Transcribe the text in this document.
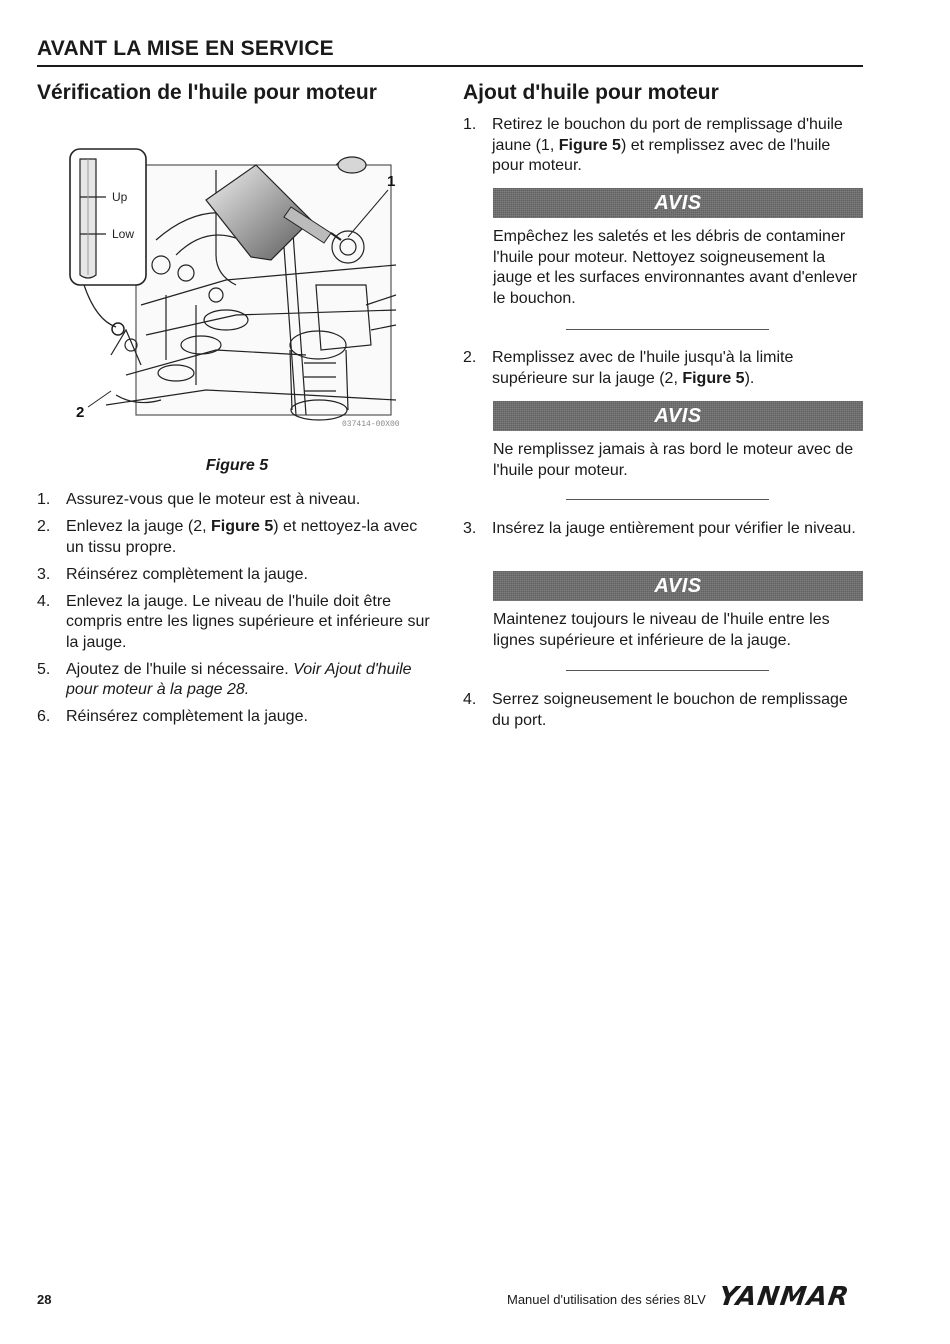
AVANT LA MISE EN SERVICE
Vérification de l'huile pour moteur
Up
Low
1
2
037414-00X00
Figure 5
1. Assurez-vous que le moteur est à niveau.
2. Enlevez la jauge (2, Figure 5) et nettoyez-la avec un tissu propre.
3. Réinsérez complètement la jauge.
4. Enlevez la jauge. Le niveau de l'huile doit être compris entre les lignes supérieure et inférieure sur la jauge.
5. Ajoutez de l'huile si nécessaire. Voir Ajout d'huile pour moteur à la page 28.
6. Réinsérez complètement la jauge.
Ajout d'huile pour moteur
1. Retirez le bouchon du port de remplissage d'huile jaune (1, Figure 5) et remplissez avec de l'huile pour moteur.
AVIS
Empêchez les saletés et les débris de contaminer l'huile pour moteur. Nettoyez soigneusement la jauge et les surfaces environnantes avant d'enlever le bouchon.
2. Remplissez avec de l'huile jusqu'à la limite supérieure sur la jauge (2, Figure 5).
AVIS
Ne remplissez jamais à ras bord le moteur avec de l'huile pour moteur.
3. Insérez la jauge entièrement pour vérifier le niveau.
AVIS
Maintenez toujours le niveau de l'huile entre les lignes supérieure et inférieure de la jauge.
4. Serrez soigneusement le bouchon de remplissage du port.
28	Manuel d'utilisation des séries 8LV YANMAR
